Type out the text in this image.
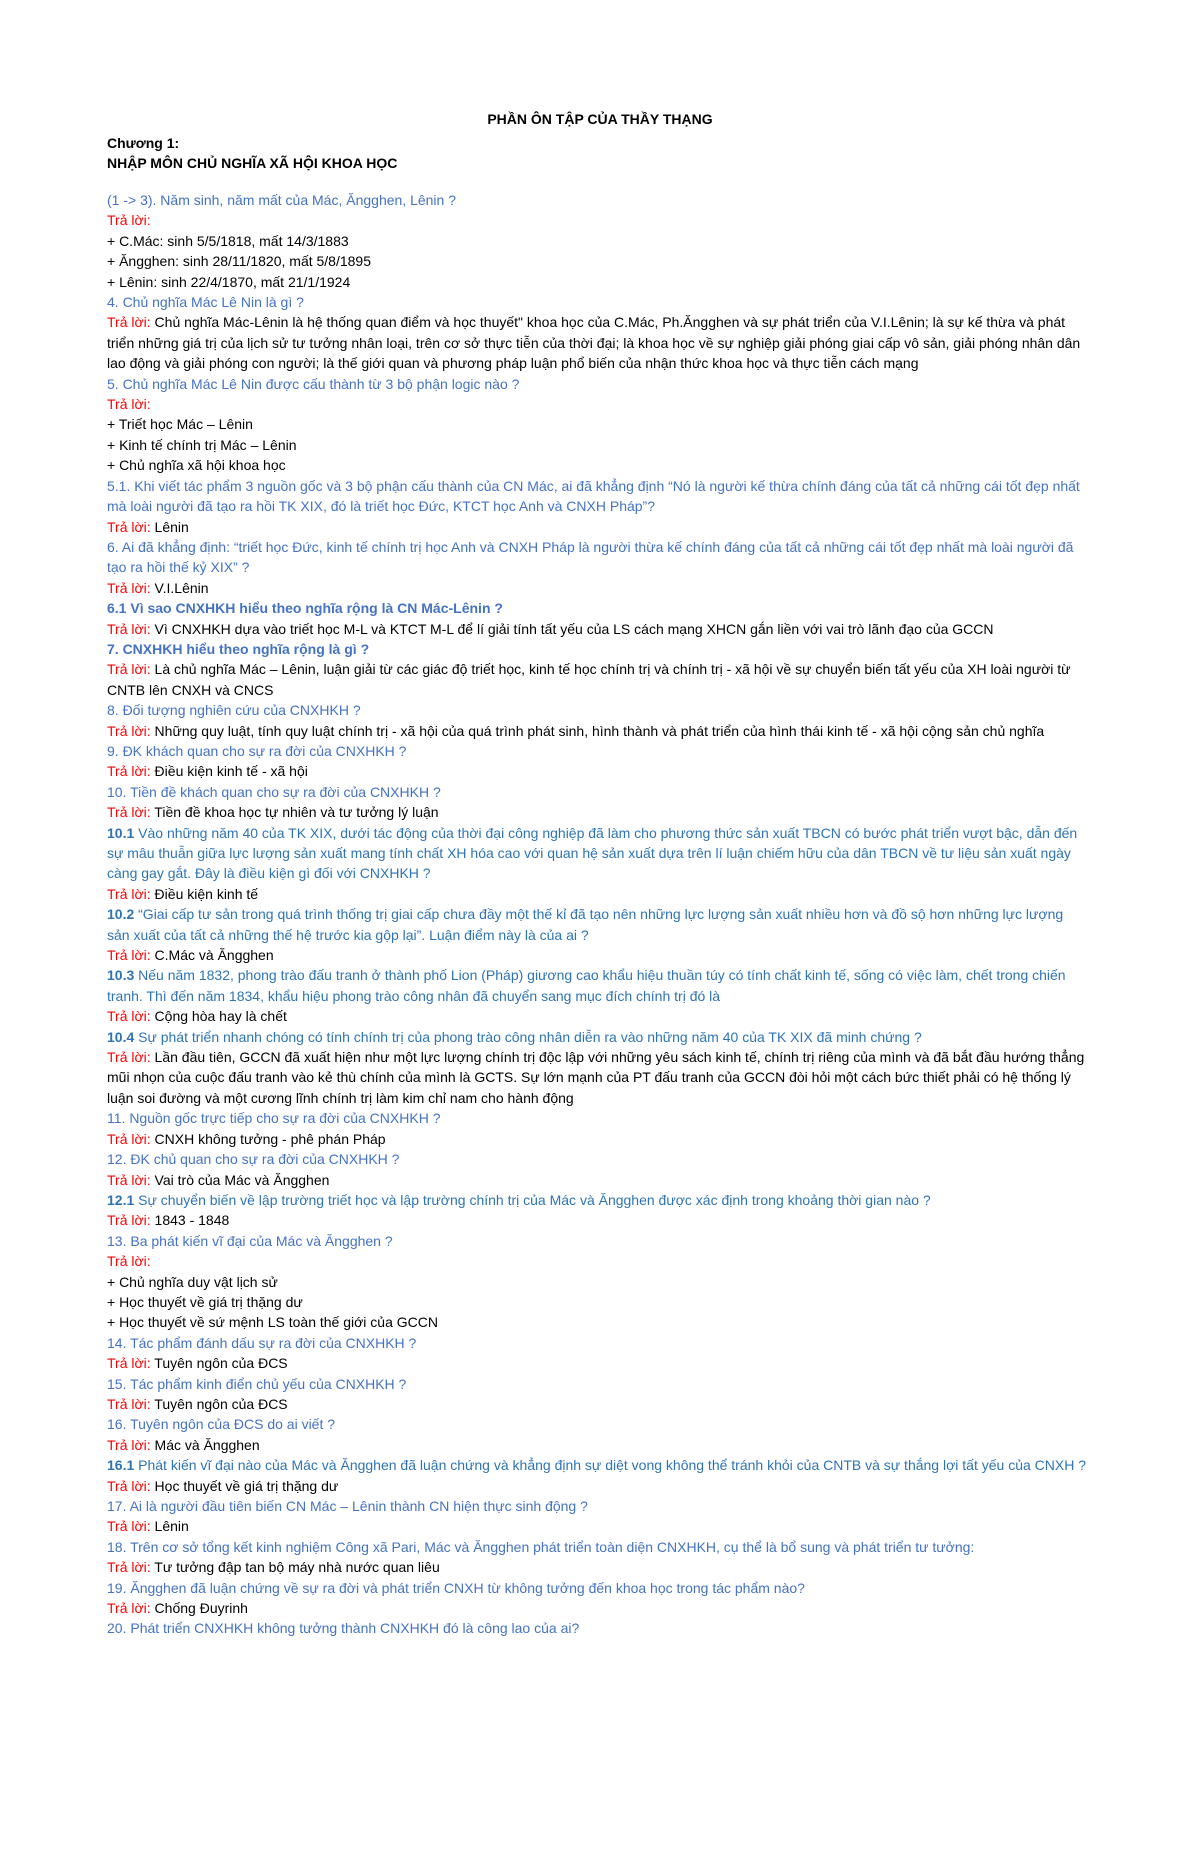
PHẦN ÔN TẬP CỦA THẦY THẠNG
Chương 1:
NHẬP MÔN CHỦ NGHĨA XÃ HỘI KHOA HỌC
(1 -> 3). Năm sinh, năm mất của Mác, Ăngghen, Lênin ?
Trả lời:
+ C.Mác: sinh 5/5/1818, mất 14/3/1883
+ Ăngghen: sinh 28/11/1820, mất 5/8/1895
+ Lênin: sinh 22/4/1870, mất 21/1/1924
4. Chủ nghĩa Mác Lê Nin là gì ?
Trả lời: Chủ nghĩa Mác-Lênin là hệ thống quan điểm và học thuyết" khoa học của C.Mác, Ph.Ăngghen và sự phát triển của V.I.Lênin; là sự kế thừa và phát triển những giá trị của lịch sử tư tưởng nhân loại, trên cơ sở thực tiễn của thời đại; là khoa học về sự nghiệp giải phóng giai cấp vô sản, giải phóng nhân dân lao động và giải phóng con người; là thế giới quan và phương pháp luận phổ biến của nhận thức khoa học và thực tiễn cách mạng
5. Chủ nghĩa Mác Lê Nin được cấu thành từ 3 bộ phận logic nào ?
Trả lời:
+ Triết học Mác – Lênin
+ Kinh tế chính trị Mác – Lênin
+ Chủ nghĩa xã hội khoa học
5.1. Khi viết tác phẩm 3 nguồn gốc và 3 bộ phận cấu thành của CN Mác, ai đã khẳng định “Nó là người kế thừa chính đáng của tất cả những cái tốt đẹp nhất mà loài người đã tạo ra hồi TK XIX, đó là triết học Đức, KTCT học Anh và CNXH Pháp”?
Trả lời: Lênin
6. Ai đã khẳng định: “triết học Đức, kinh tế chính trị học Anh và CNXH Pháp là người thừa kế chính đáng của tất cả những cái tốt đẹp nhất mà loài người đã tạo ra hồi thế kỷ XIX” ?
Trả lời: V.I.Lênin
6.1 Vì sao CNXHKH hiểu theo nghĩa rộng là CN Mác-Lênin ?
Trả lời: Vì CNXHKH dựa vào triết học M-L và KTCT M-L để lí giải tính tất yếu của LS cách mạng XHCN gắn liền với vai trò lãnh đạo của GCCN
7. CNXHKH hiểu theo nghĩa rộng là gì ?
Trả lời: Là chủ nghĩa Mác – Lênin, luận giải từ các giác độ triết học, kinh tế học chính trị và chính trị - xã hội về sự chuyển biến tất yếu của XH loài người từ CNTB lên CNXH và CNCS
8. Đối tượng nghiên cứu của CNXHKH ?
Trả lời: Những quy luật, tính quy luật chính trị - xã hội của quá trình phát sinh, hình thành và phát triển của hình thái kinh tế - xã hội cộng sản chủ nghĩa
9. ĐK khách quan cho sự ra đời của CNXHKH ?
Trả lời: Điều kiện kinh tế - xã hội
10. Tiền đề khách quan cho sự ra đời của CNXHKH ?
Trả lời: Tiền đề khoa học tự nhiên và tư tưởng lý luận
10.1 Vào những năm 40 của TK XIX, dưới tác động của thời đại công nghiệp đã làm cho phương thức sản xuất TBCN có bước phát triển vượt bậc, dẫn đến sự mâu thuẫn giữa lực lượng sản xuất mang tính chất XH hóa cao với quan hệ sản xuất dựa trên lí luận chiếm hữu của dân TBCN về tư liệu sản xuất ngày càng gay gắt. Đây là điều kiện gì đối với CNXHKH ?
Trả lời: Điều kiện kinh tế
10.2 “Giai cấp tư sản trong quá trình thống trị giai cấp chưa đầy một thế kỉ đã tạo nên những lực lượng sản xuất nhiều hơn và đồ sộ hơn những lực lượng sản xuất của tất cả những thế hệ trước kia gộp lại”. Luận điểm này là của ai ?
Trả lời: C.Mác và Ăngghen
10.3 Nếu năm 1832, phong trào đấu tranh ở thành phố Lion (Pháp) giương cao khẩu hiệu thuần túy có tính chất kinh tế, sống có việc làm, chết trong chiến tranh. Thì đến năm 1834, khẩu hiệu phong trào công nhân đã chuyển sang mục đích chính trị đó là
Trả lời: Cộng hòa hay là chết
10.4 Sự phát triển nhanh chóng có tính chính trị của phong trào công nhân diễn ra vào những năm 40 của TK XIX đã minh chứng ?
Trả lời: Lần đầu tiên, GCCN đã xuất hiện như một lực lượng chính trị độc lập với những yêu sách kinh tế, chính trị riêng của mình và đã bắt đầu hướng thẳng mũi nhọn của cuộc đấu tranh vào kẻ thù chính của mình là GCTS. Sự lớn mạnh của PT đấu tranh của GCCN đòi hỏi một cách bức thiết phải có hệ thống lý luận soi đường và một cương lĩnh chính trị làm kim chỉ nam cho hành động
11. Nguồn gốc trực tiếp cho sự ra đời của CNXHKH ?
Trả lời: CNXH không tưởng - phê phán Pháp
12. ĐK chủ quan cho sự ra đời của CNXHKH ?
Trả lời: Vai trò của Mác và Ăngghen
12.1 Sự chuyển biến về lập trường triết học và lập trường chính trị của Mác và Ăngghen được xác định trong khoảng thời gian nào ?
Trả lời: 1843 - 1848
13. Ba phát kiến vĩ đại của Mác và Ăngghen ?
Trả lời:
+ Chủ nghĩa duy vật lịch sử
+ Học thuyết về giá trị thặng dư
+ Học thuyết về sứ mệnh LS toàn thế giới của GCCN
14. Tác phẩm đánh dấu sự ra đời của CNXHKH ?
Trả lời: Tuyên ngôn của ĐCS
15. Tác phẩm kinh điển chủ yếu của CNXHKH ?
Trả lời: Tuyên ngôn của ĐCS
16. Tuyên ngôn của ĐCS do ai viết ?
Trả lời: Mác và Ăngghen
16.1 Phát kiến vĩ đại nào của Mác và Ăngghen đã luận chứng và khẳng định sự diệt vong không thể tránh khỏi của CNTB và sự thắng lợi tất yếu của CNXH ?
Trả lời: Học thuyết về giá trị thặng dư
17. Ai là người đầu tiên biến CN Mác – Lênin thành CN hiện thực sinh động ?
Trả lời: Lênin
18. Trên cơ sở tổng kết kinh nghiệm Công xã Pari, Mác và Ăngghen phát triển toàn diện CNXHKH, cụ thể là bổ sung và phát triển tư tưởng:
Trả lời: Tư tưởng đập tan bộ máy nhà nước quan liêu
19. Ăngghen đã luận chứng về sự ra đời và phát triển CNXH từ không tưởng đến khoa học trong tác phẩm nào?
Trả lời: Chống Đuyrinh
20. Phát triển CNXHKH không tưởng thành CNXHKH đó là công lao của ai?
